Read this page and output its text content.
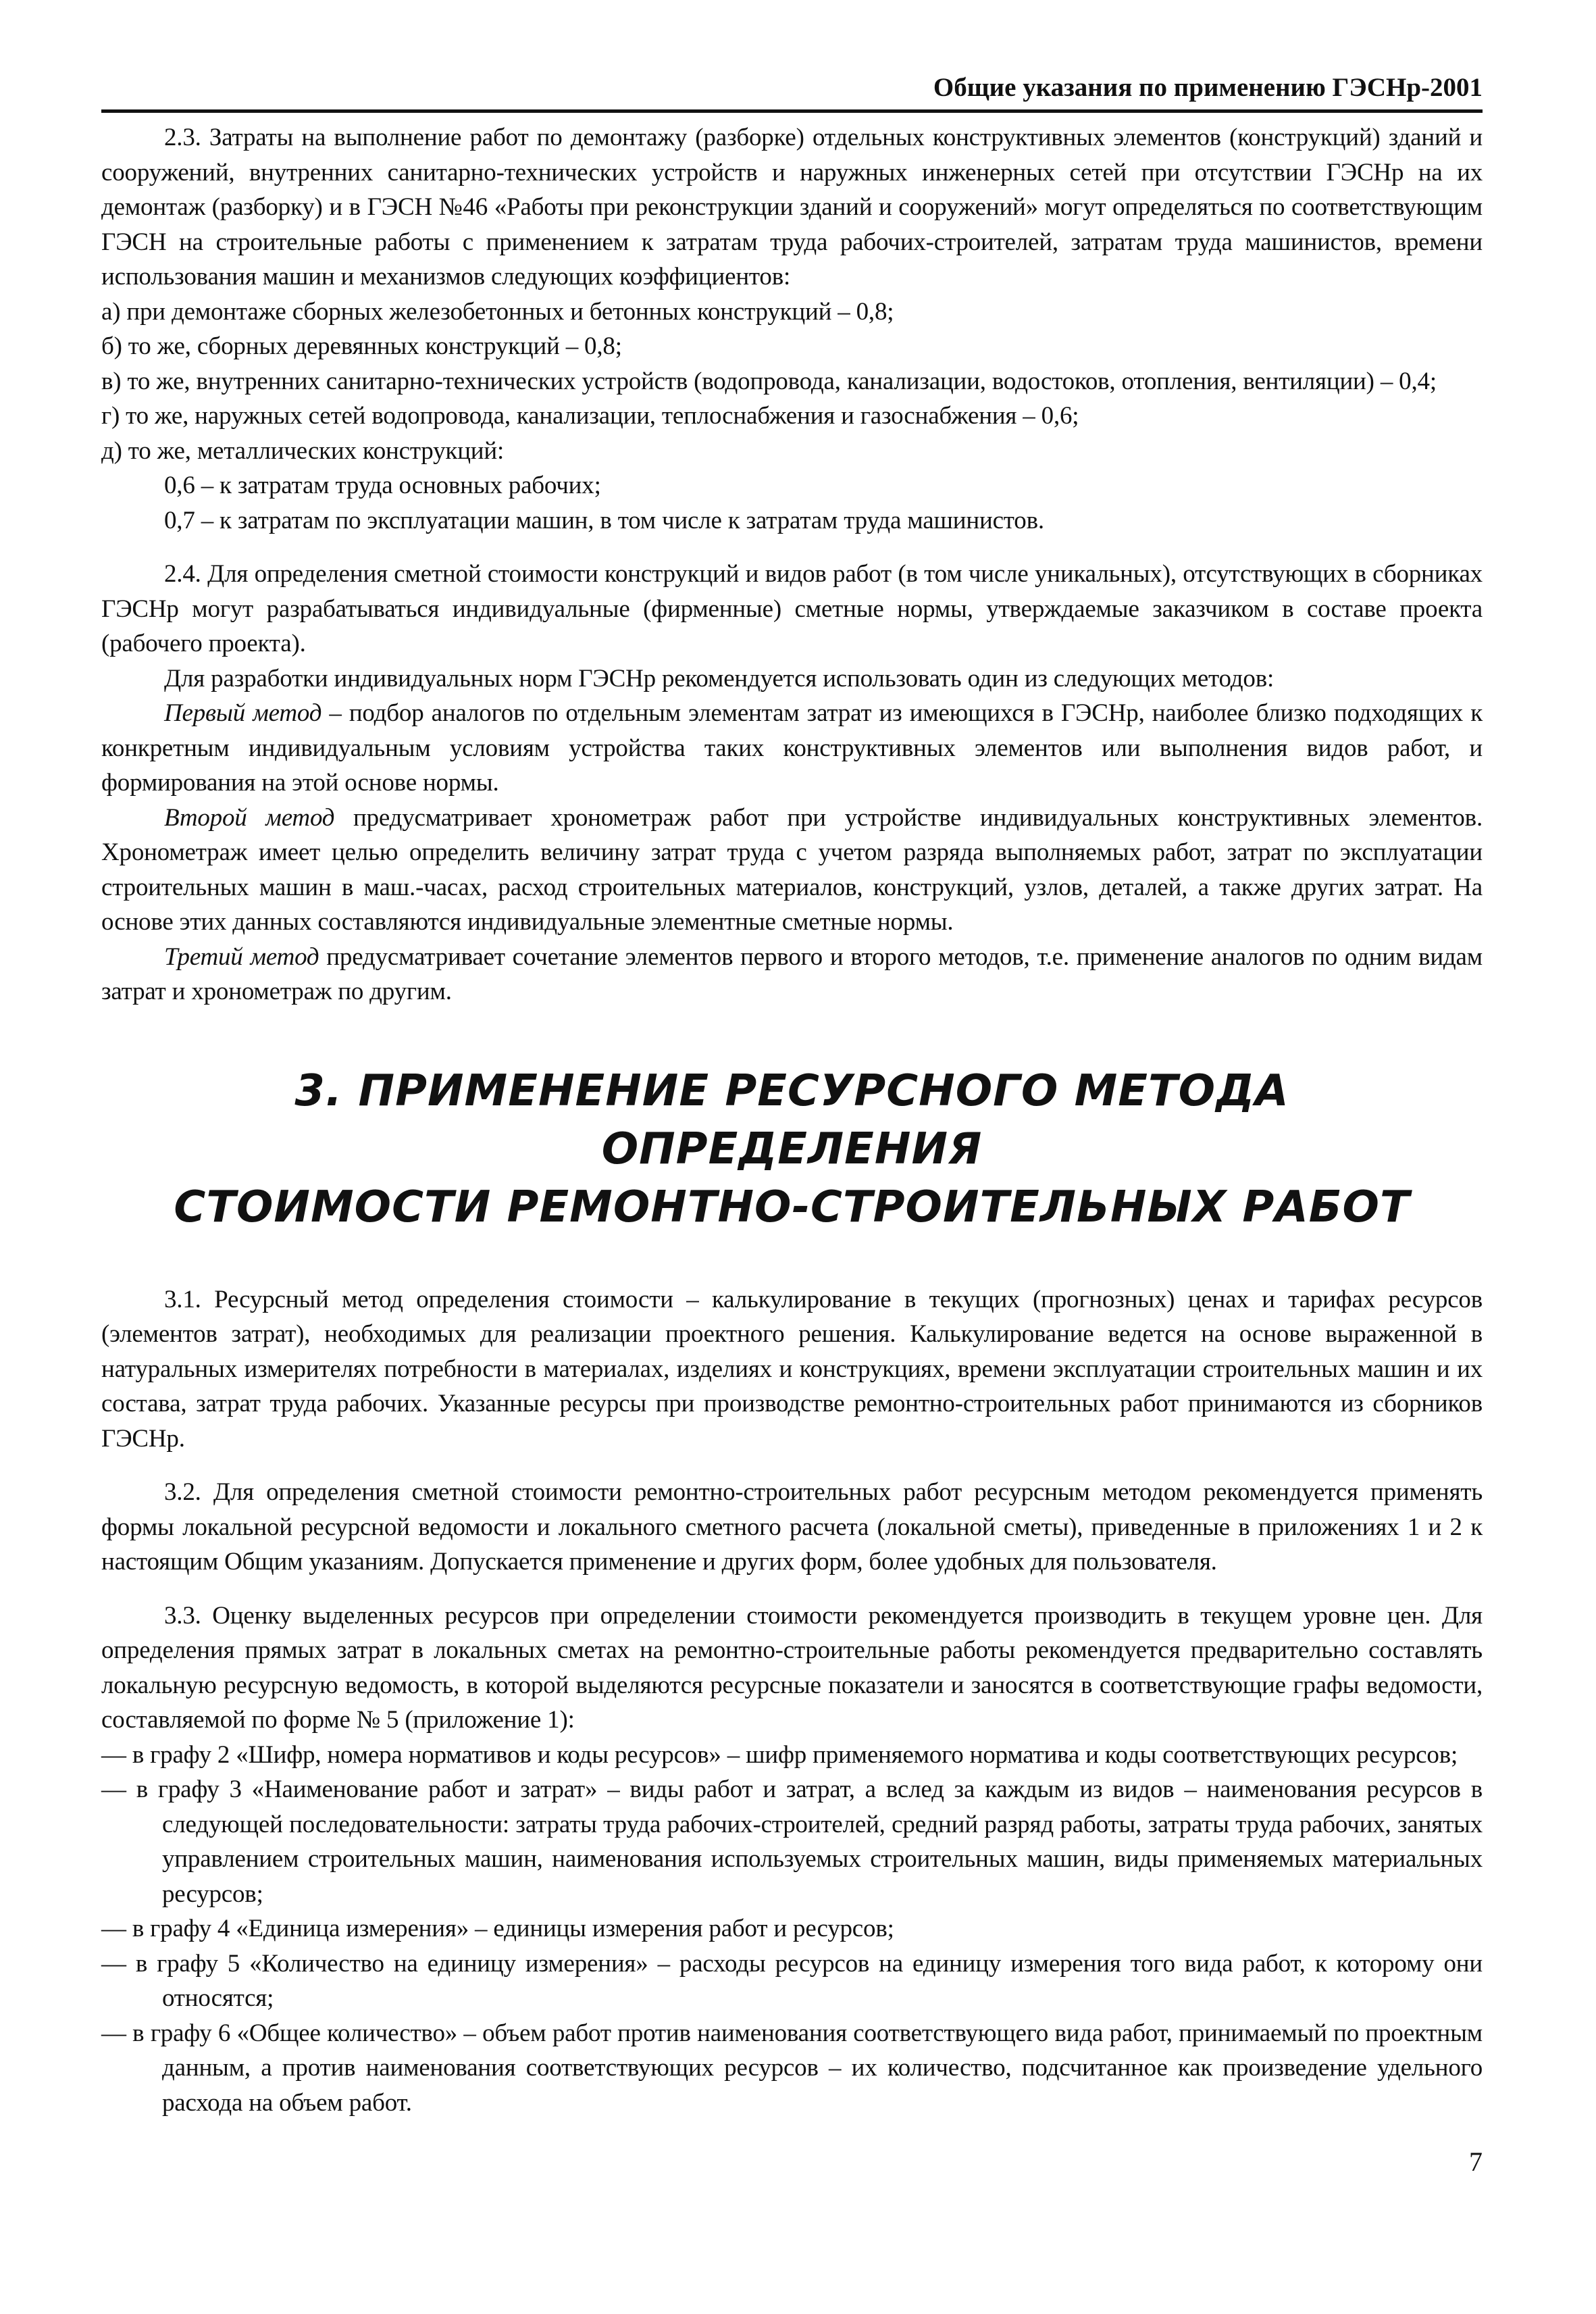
Общие указания по применению ГЭСНр-2001

2.3. Затраты на выполнение работ по демонтажу (разборке) отдельных конструктивных элементов (конструкций) зданий и сооружений, внутренних санитарно-технических устройств и наружных инженерных сетей при отсутствии ГЭСНр на их демонтаж (разборку) и в ГЭСН №46 «Работы при реконструкции зданий и сооружений» могут определяться по соответствующим ГЭСН на строительные работы с применением к затратам труда рабочих-строителей, затратам труда машинистов, времени использования машин и механизмов следующих коэффициентов:

а) при демонтаже сборных железобетонных и бетонных конструкций – 0,8;

б) то же, сборных деревянных конструкций – 0,8;

в) то же, внутренних санитарно-технических устройств (водопровода, канализации, водостоков, отопления, вентиляции) – 0,4;

г) то же, наружных сетей водопровода, канализации, теплоснабжения и газоснабжения – 0,6;

д) то же, металлических конструкций:

0,6 – к затратам труда основных рабочих;

0,7 – к затратам по эксплуатации машин, в том числе к затратам труда машинистов.

2.4. Для определения сметной стоимости конструкций и видов работ (в том числе уникальных), отсутствующих в сборниках ГЭСНр могут разрабатываться индивидуальные (фирменные) сметные нормы, утверждаемые заказчиком в составе проекта (рабочего проекта).

Для разработки индивидуальных норм ГЭСНр рекомендуется использовать один из следующих методов:

Первый метод – подбор аналогов по отдельным элементам затрат из имеющихся в ГЭСНр, наиболее близко подходящих к конкретным индивидуальным условиям устройства таких конструктивных элементов или выполнения видов работ, и формирования на этой основе нормы.

Второй метод предусматривает хронометраж работ при устройстве индивидуальных конструктивных элементов. Хронометраж имеет целью определить величину затрат труда с учетом разряда выполняемых работ, затрат по эксплуатации строительных машин в маш.-часах, расход строительных материалов, конструкций, узлов, деталей, а также других затрат. На основе этих данных составляются индивидуальные элементные сметные нормы.

Третий метод предусматривает сочетание элементов первого и второго методов, т.е. применение аналогов по одним видам затрат и хронометраж по другим.

3. ПРИМЕНЕНИЕ РЕСУРСНОГО МЕТОДА ОПРЕДЕЛЕНИЯ
СТОИМОСТИ РЕМОНТНО-СТРОИТЕЛЬНЫХ РАБОТ

3.1. Ресурсный метод определения стоимости – калькулирование в текущих (прогнозных) ценах и тарифах ресурсов (элементов затрат), необходимых для реализации проектного решения. Калькулирование ведется на основе выраженной в натуральных измерителях потребности в материалах, изделиях и конструкциях, времени эксплуатации строительных машин и их состава, затрат труда рабочих. Указанные ресурсы при производстве ремонтно-строительных работ принимаются из сборников ГЭСНр.

3.2. Для определения сметной стоимости ремонтно-строительных работ ресурсным методом рекомендуется применять формы локальной ресурсной ведомости и локального сметного расчета (локальной сметы), приведенные в приложениях 1 и 2 к настоящим Общим указаниям. Допускается применение и других форм, более удобных для пользователя.

3.3. Оценку выделенных ресурсов при определении стоимости рекомендуется производить в текущем уровне цен. Для определения прямых затрат в локальных сметах на ремонтно-строительные работы рекомендуется предварительно составлять локальную ресурсную ведомость, в которой выделяются ресурсные показатели и заносятся в соответствующие графы ведомости, составляемой по форме № 5 (приложение 1):

— в графу 2 «Шифр, номера нормативов и коды ресурсов» – шифр применяемого норматива и коды соответствующих ресурсов;

— в графу 3 «Наименование работ и затрат» – виды работ и затрат, а вслед за каждым из видов – наименования ресурсов в следующей последовательности: затраты труда рабочих-строителей, средний разряд работы, затраты труда рабочих, занятых управлением строительных машин, наименования используемых строительных машин, виды применяемых материальных ресурсов;

— в графу 4 «Единица измерения» – единицы измерения работ и ресурсов;

— в графу 5 «Количество на единицу измерения» – расходы ресурсов на единицу измерения того вида работ, к которому они относятся;

— в графу 6 «Общее количество» – объем работ против наименования соответствующего вида работ, принимаемый по проектным данным, а против наименования соответствующих ресурсов – их количество, подсчитанное как произведение удельного расхода на объем работ.

7
